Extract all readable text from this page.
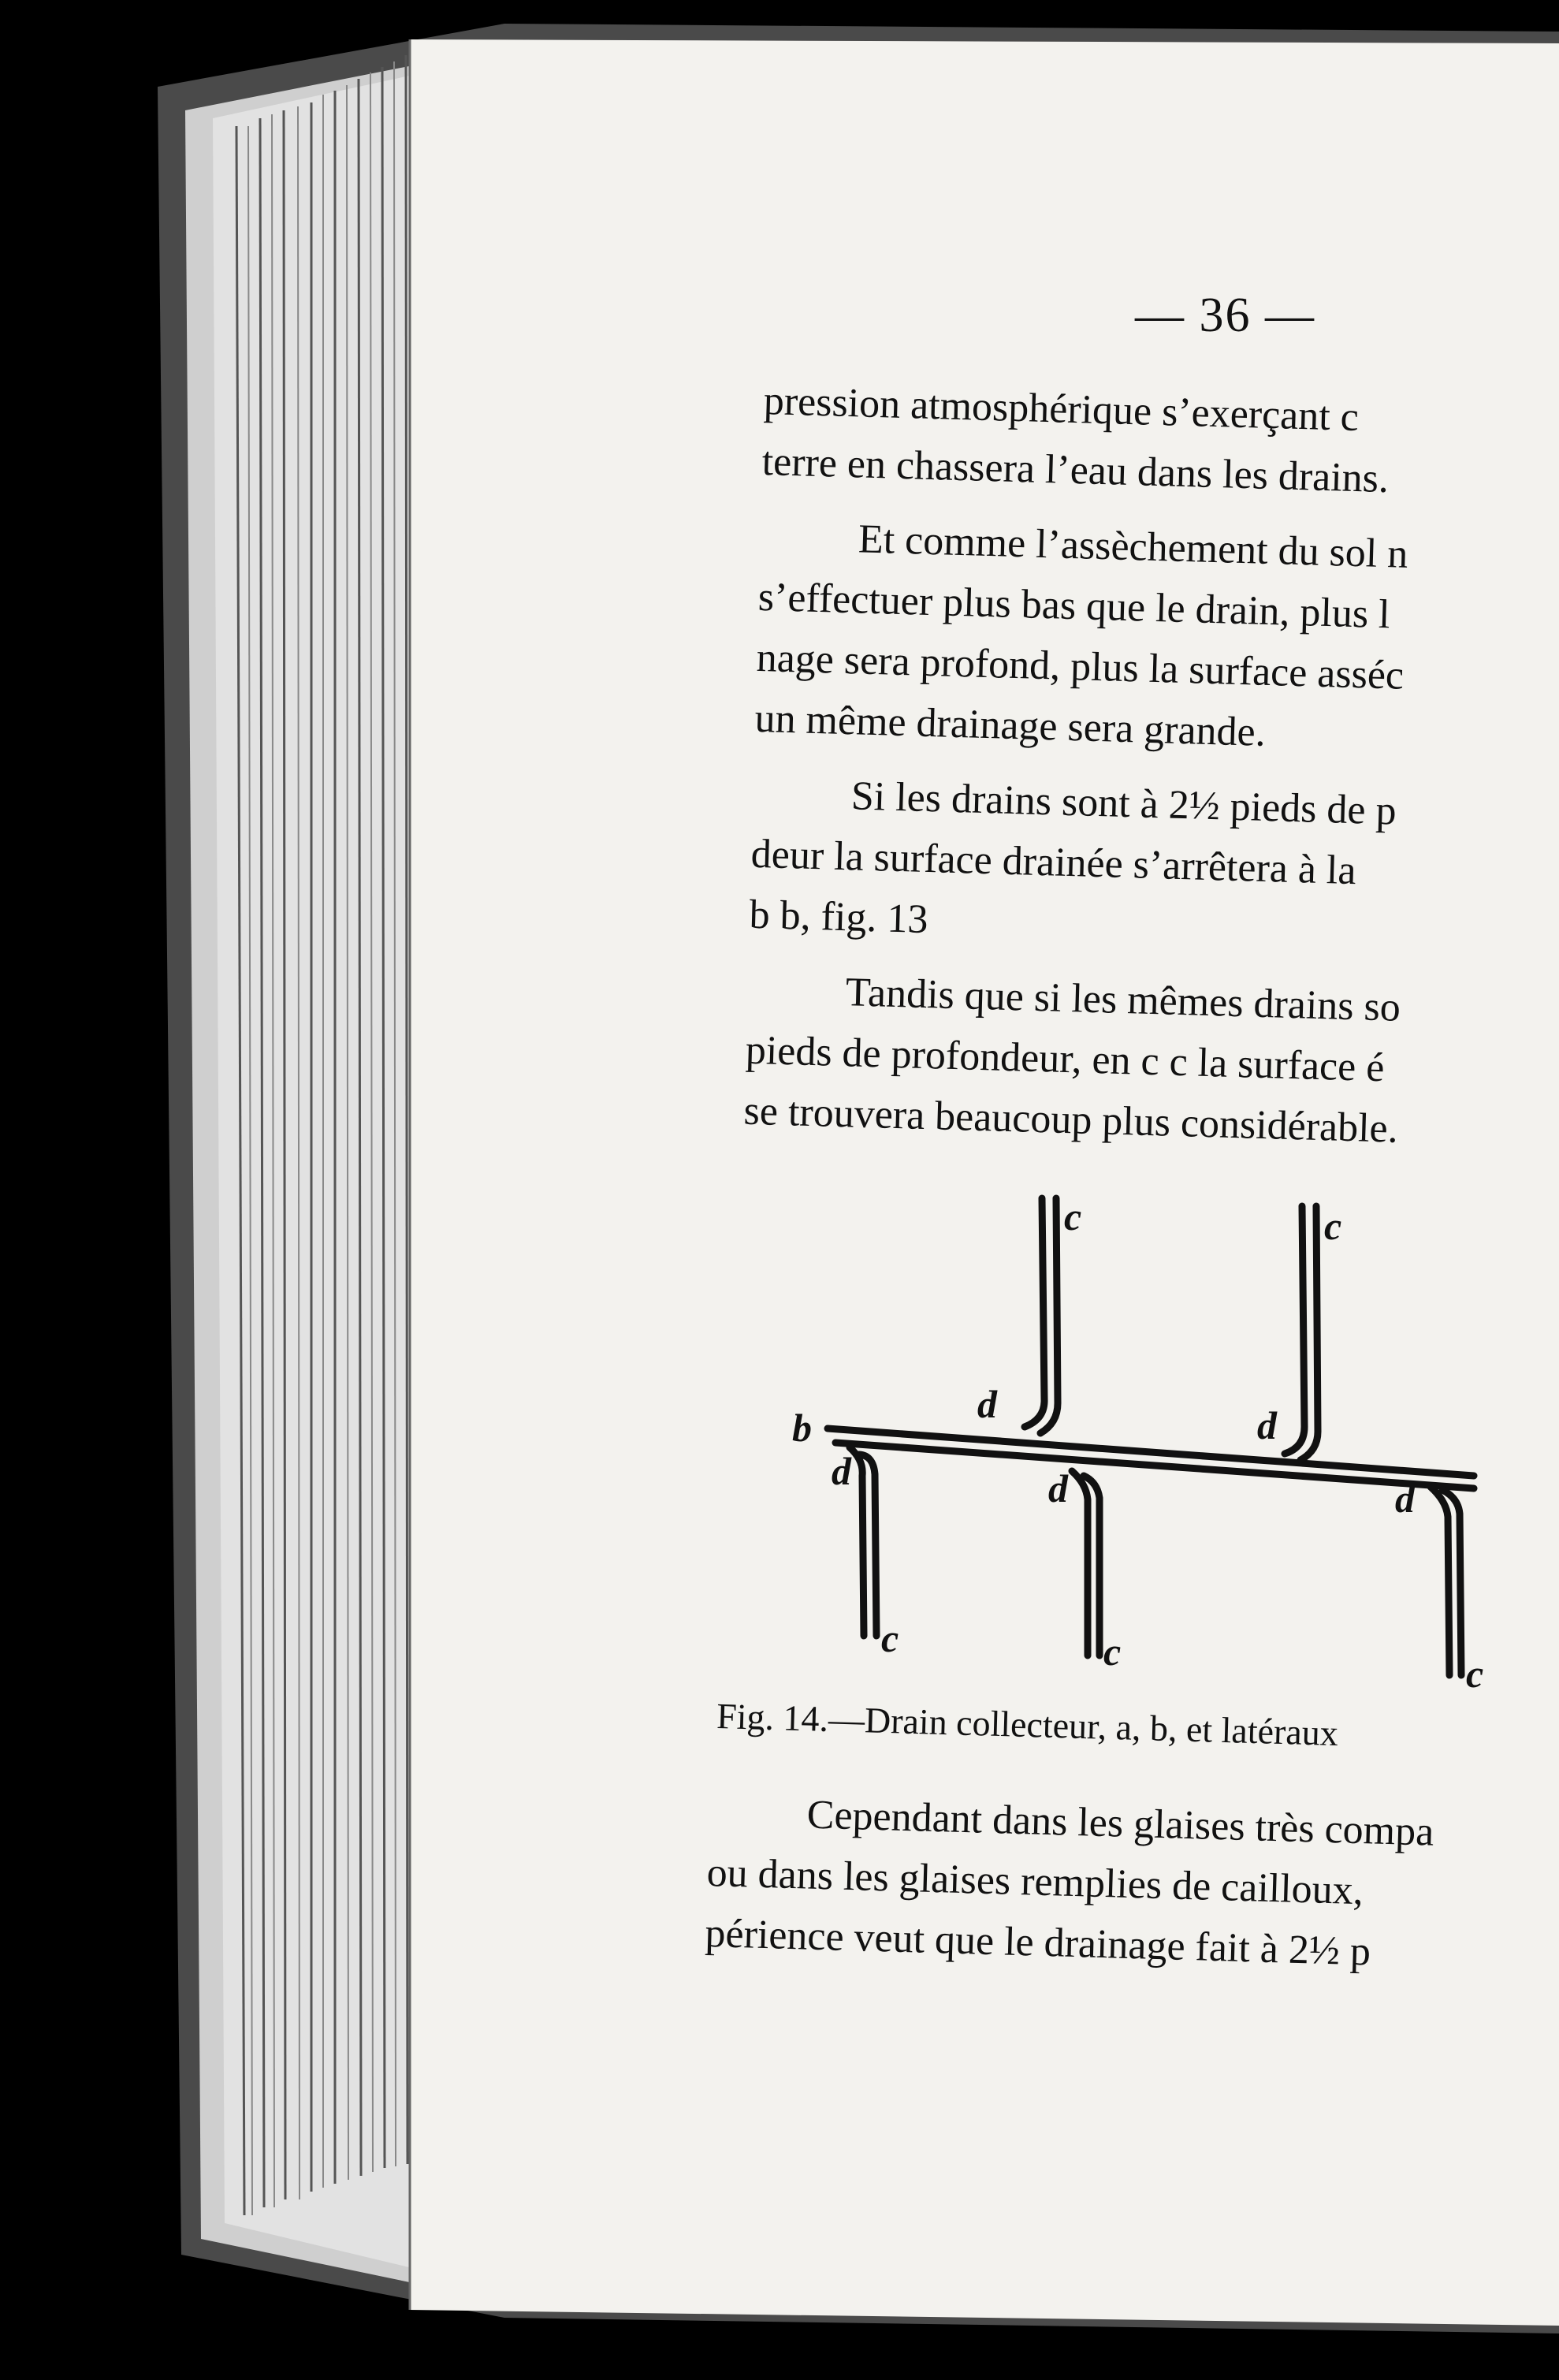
— 36 —
pression atmosphérique s’exerçant c
terre en chassera l’eau dans les drains.
Et comme l’assèchement du sol n
s’effectuer plus bas que le drain, plus l
nage sera profond, plus la surface asséc
un même drainage sera grande.
Si les drains sont à 2½ pieds de p
deur la surface drainée s’arrêtera à la
b b, fig. 13
Tandis que si les mêmes drains so
pieds de profondeur, en c c la surface é
se trouvera beaucoup plus considérable.
b
d	d
d	d	d
c	c
c	c	c
Fig. 14.—Drain collecteur, a, b, et latéraux
Cependant dans les glaises très compa
ou dans les glaises remplies de cailloux,
périence veut que le drainage fait à 2½ p
